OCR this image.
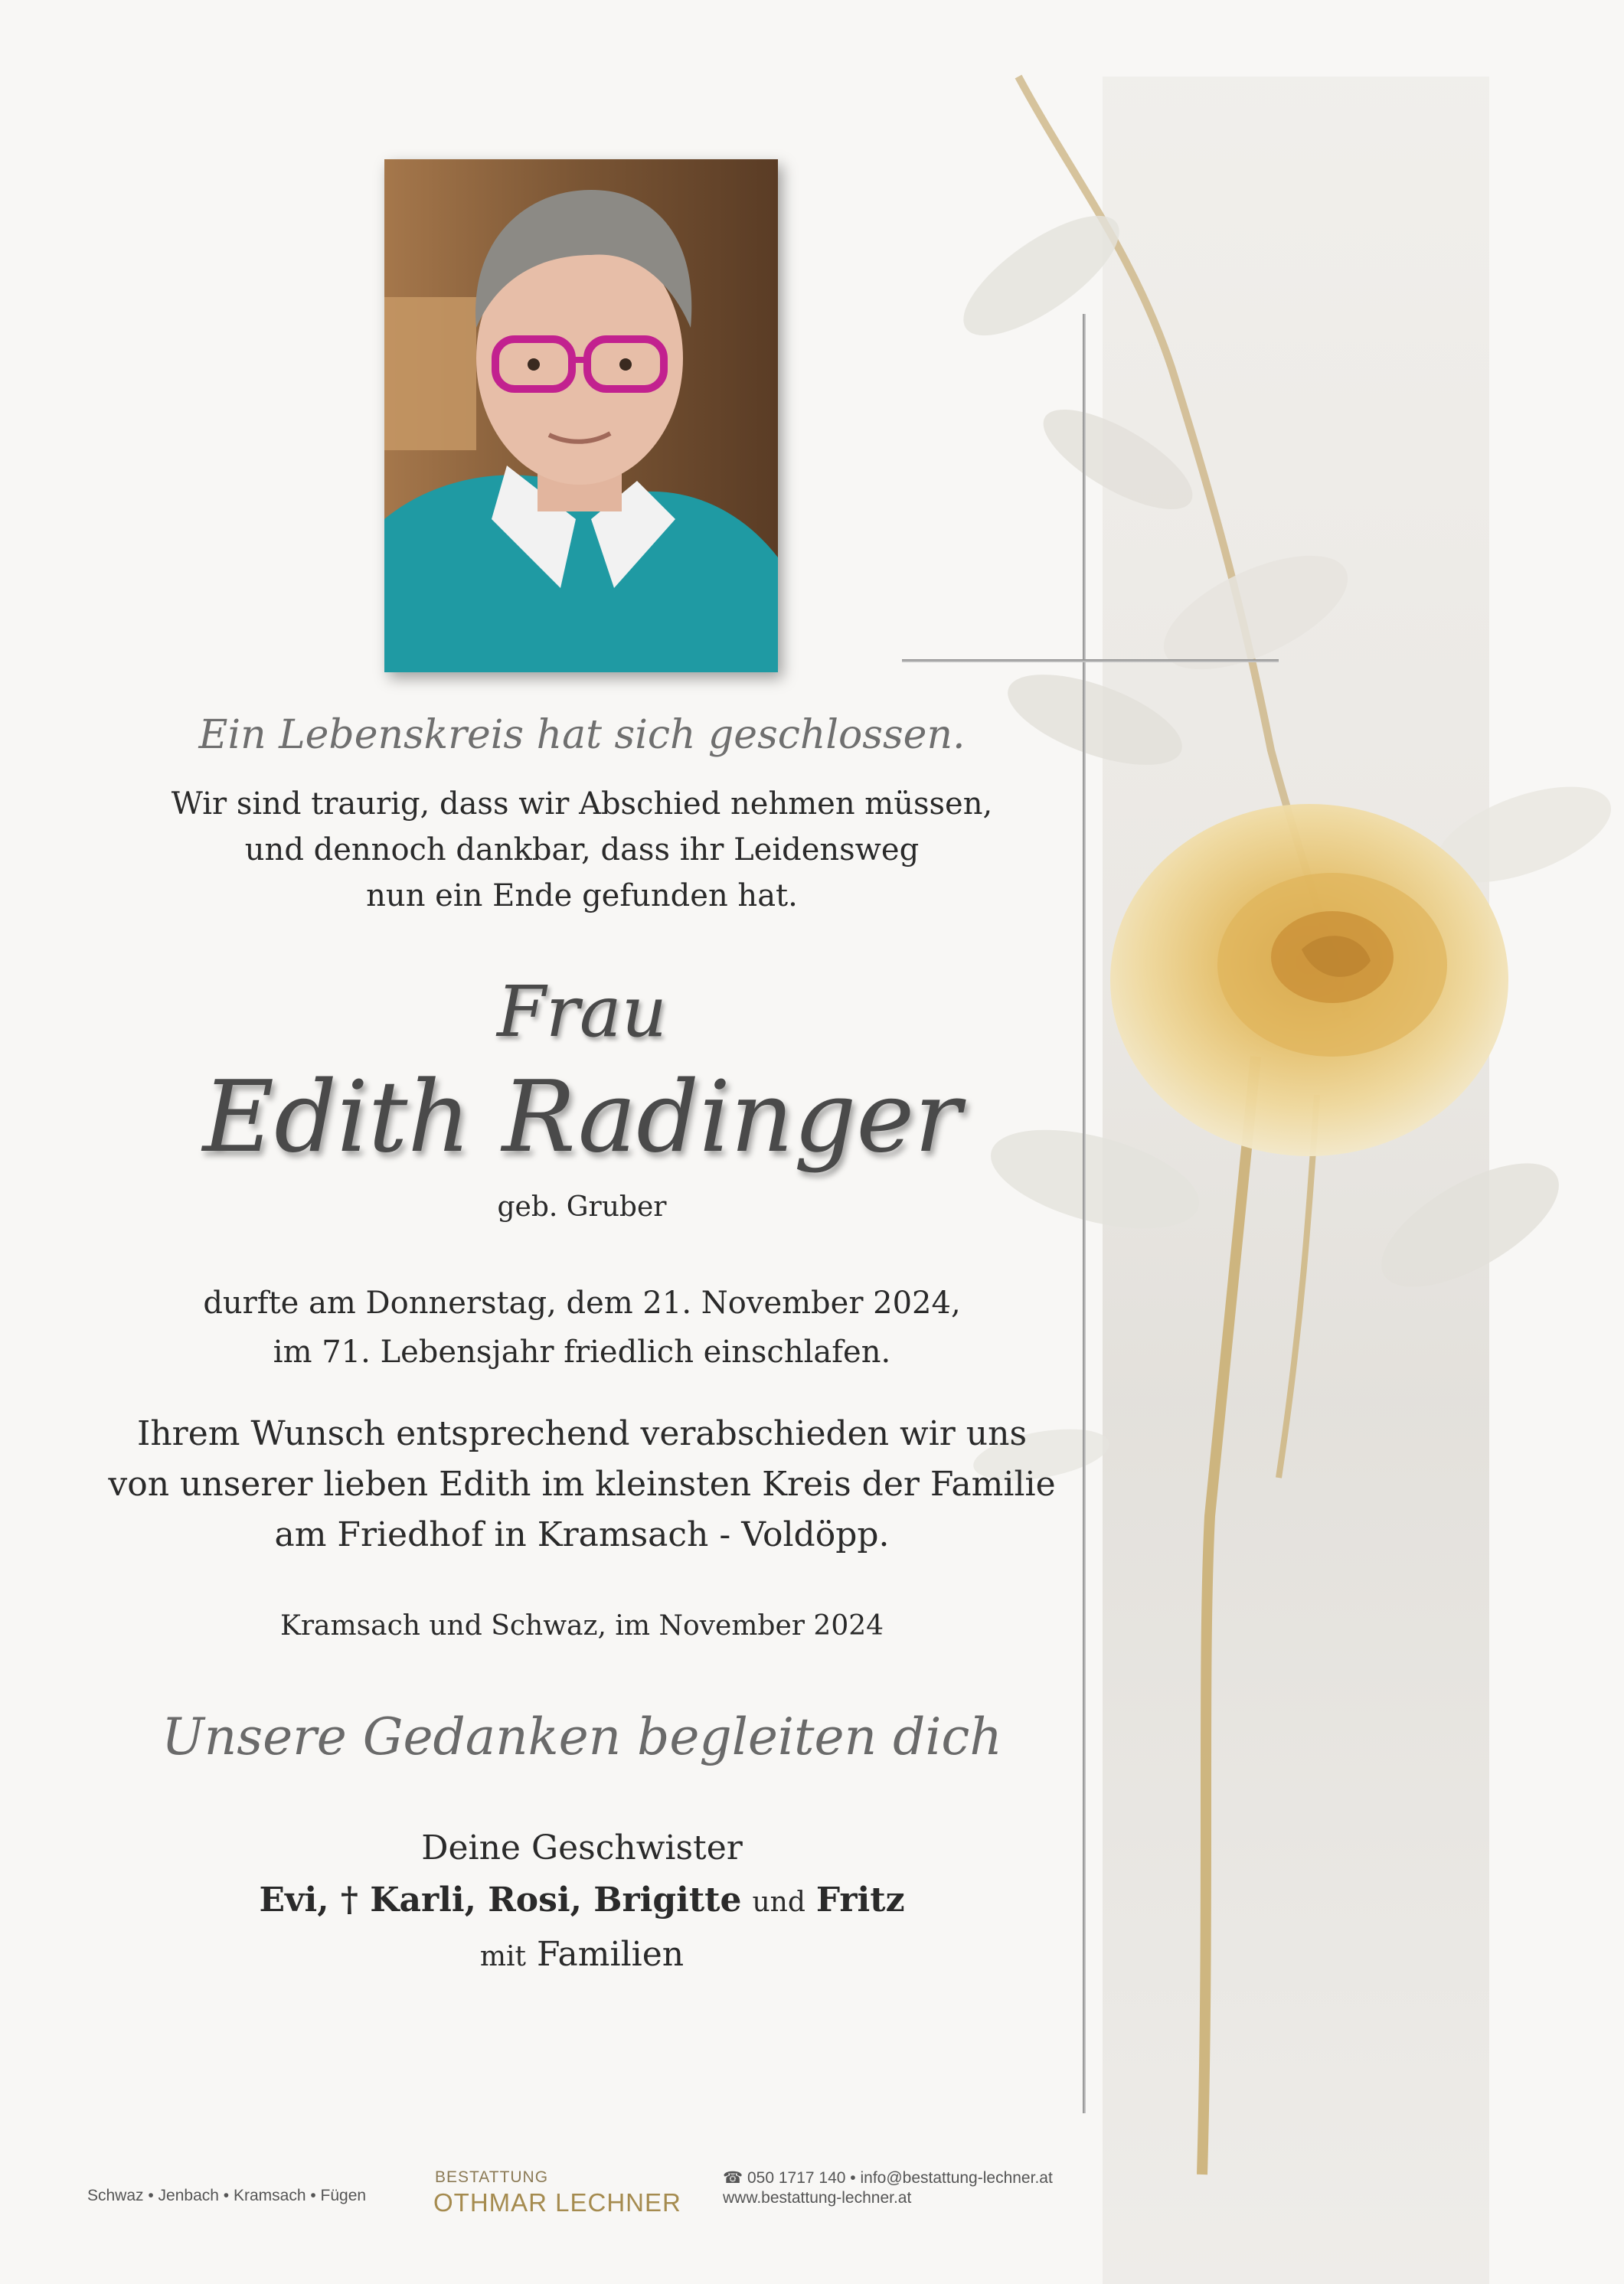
Ein Lebenskreis hat sich geschlossen.
Wir sind traurig, dass wir Abschied nehmen müssen,
und dennoch dankbar, dass ihr Leidensweg
nun ein Ende gefunden hat.
Frau
Edith Radinger
geb. Gruber
durfte am Donnerstag, dem 21. November 2024,
im 71. Lebensjahr friedlich einschlafen.
Ihrem Wunsch entsprechend verabschieden wir uns
von unserer lieben Edith im kleinsten Kreis der Familie
am Friedhof in Kramsach - Voldöpp.
Kramsach und Schwaz, im November 2024
Unsere Gedanken begleiten dich
Deine Geschwister
Evi, † Karli, Rosi, Brigitte und Fritz
mit Familien
Schwaz • Jenbach • Kramsach • Fügen
BESTATTUNG
OTHMAR LECHNER
☎ 050 1717 140 • info@bestattung-lechner.at
www.bestattung-lechner.at
